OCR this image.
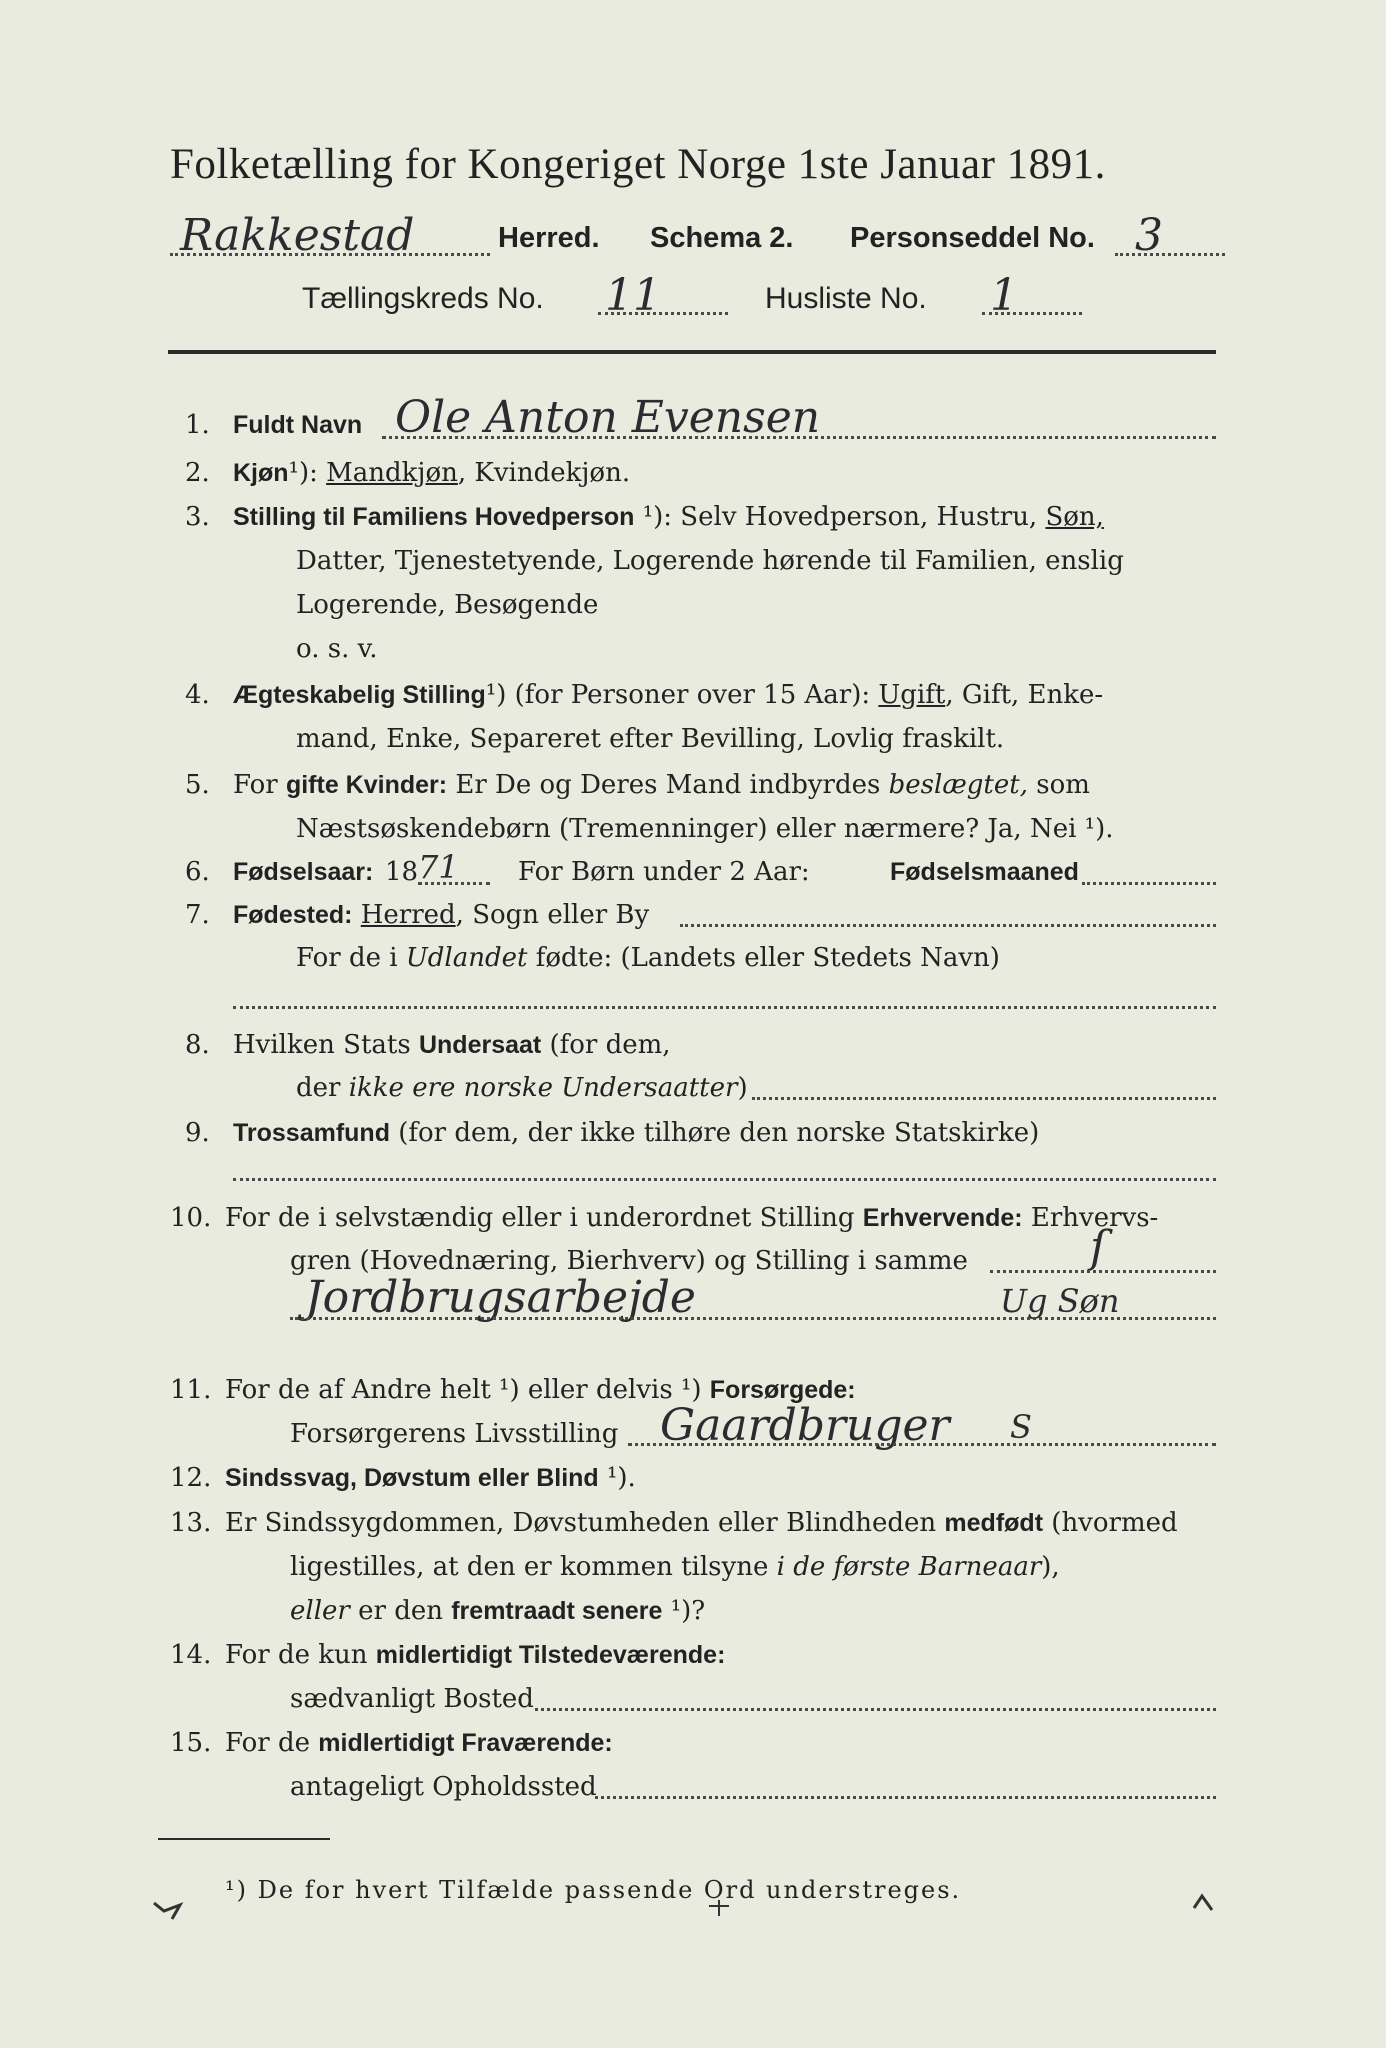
Folketælling for Kongeriget Norge 1ste Januar 1891.
Rakkestad	Herred. Schema 2. Personseddel No. 3
Tællingskreds No. 11	Husliste No. 1
1. Fuldt Navn Ole Anton Evensen
2. Kjøn¹): Mandkjøn, Kvindekjøn.
3. Stilling til Familiens Hovedperson ¹): Selv Hovedperson, Hustru, Søn,
Datter, Tjenestetyende, Logerende hørende til Familien, enslig
Logerende, Besøgende
o. s. v.
4. Ægteskabelig Stilling¹) (for Personer over 15 Aar): Ugift, Gift, Enke-
mand, Enke, Separeret efter Bevilling, Lovlig fraskilt.
5. For gifte Kvinder: Er De og Deres Mand indbyrdes beslægtet, som
Næstsøskendebørn (Tremenninger) eller nærmere? Ja, Nei ¹).
6. Fødselsaar: 18 71 For Børn under 2 Aar:	Fødselsmaaned
7. Fødested: Herred, Sogn eller By
For de i Udlandet fødte: (Landets eller Stedets Navn)
8. Hvilken Stats Undersaat (for dem,
der ikke ere norske Undersaatter)
9. Trossamfund (for dem, der ikke tilhøre den norske Statskirke)
10. For de i selvstændig eller i underordnet Stilling Erhvervende: Erhvervs-
gren (Hovednæring, Bierhverv) og Stilling i samme	ſ
Jordbrugsarbejde	Ug Søn
11. For de af Andre helt ¹) eller delvis ¹) Forsørgede:
Forsørgerens Livsstilling Gaardbruger S
12. Sindssvag, Døvstum eller Blind ¹).
13. Er Sindssygdommen, Døvstumheden eller Blindheden medfødt (hvormed
ligestilles, at den er kommen tilsyne i de første Barneaar),
eller er den fremtraadt senere ¹)?
14. For de kun midlertidigt Tilstedeværende:
sædvanligt Bosted
15. For de midlertidigt Fraværende:
antageligt Opholdssted
¹) De for hvert Tilfælde passende Ord understreges.
